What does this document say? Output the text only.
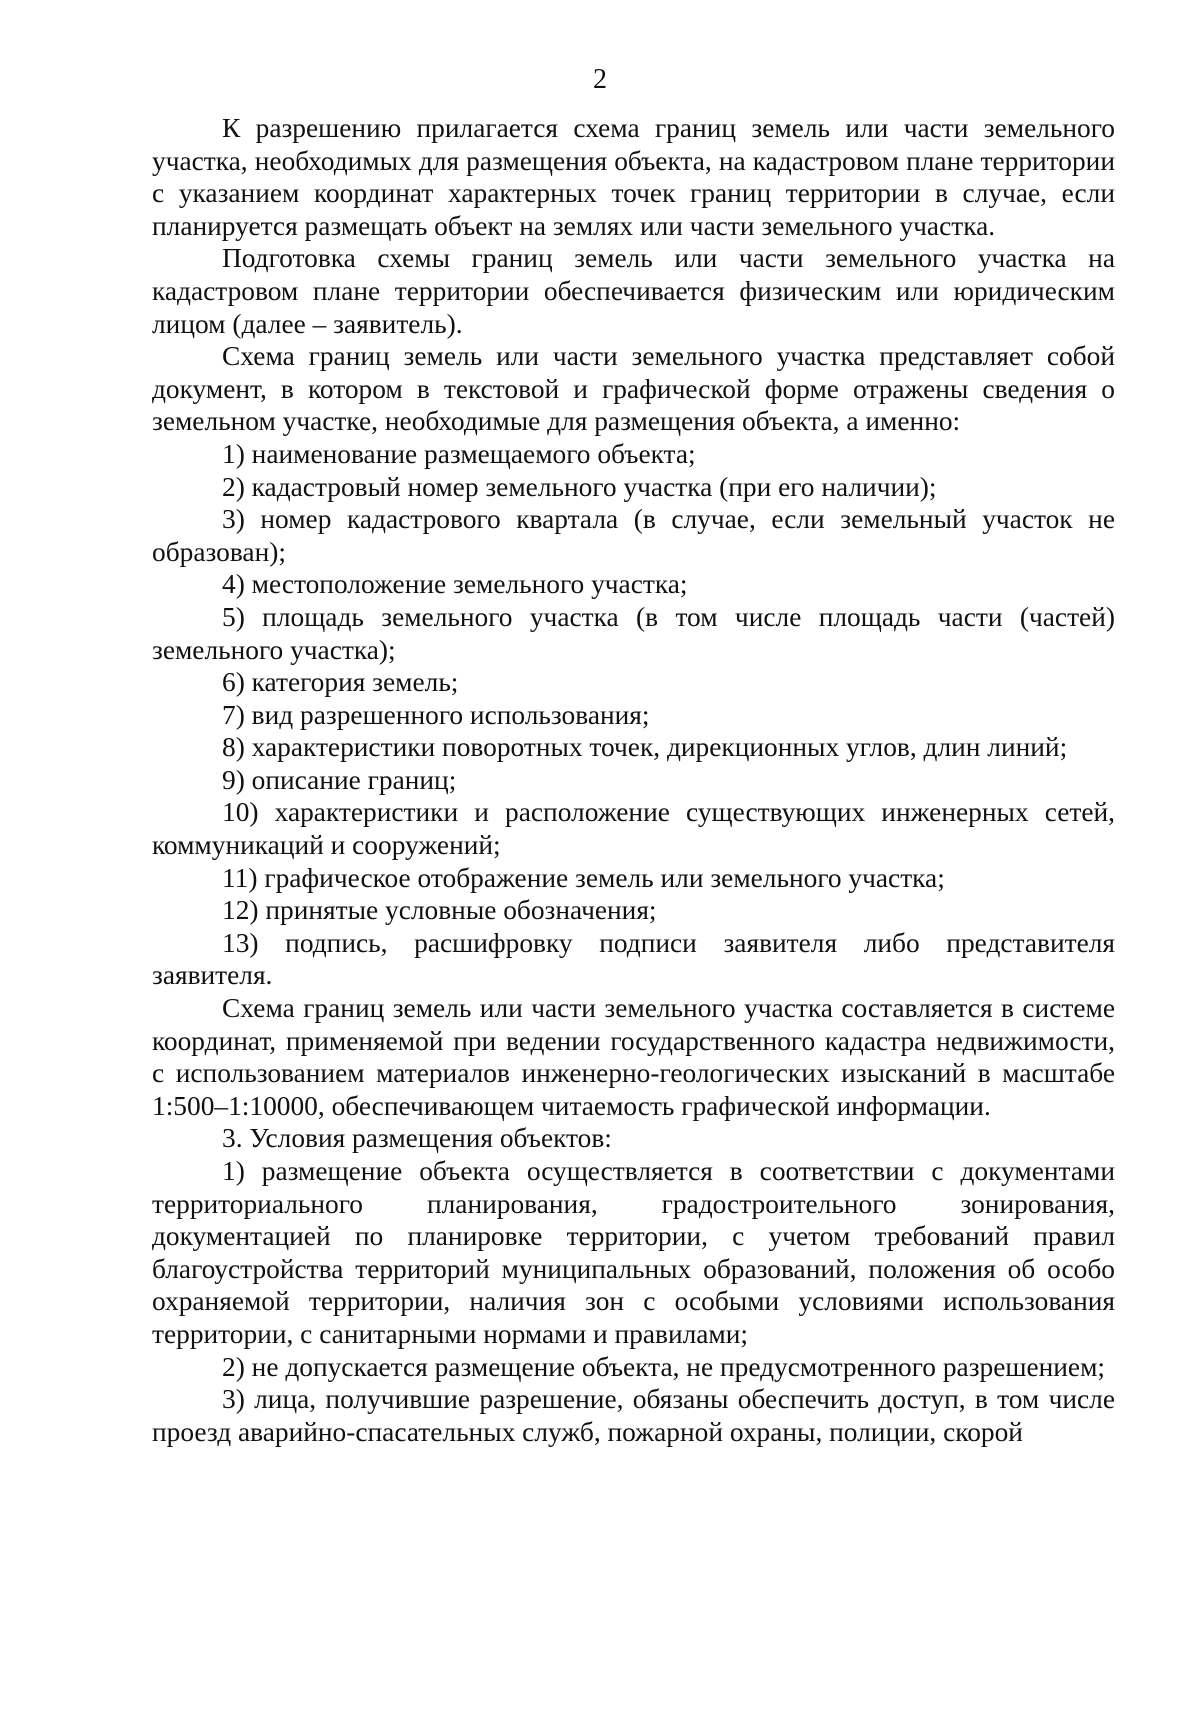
2

К разрешению прилагается схема границ земель или части земельного участка, необходимых для размещения объекта, на кадастровом плане территории с указанием координат характерных точек границ территории в случае, если планируется размещать объект на землях или части земельного участка.

Подготовка схемы границ земель или части земельного участка на кадастровом плане территории обеспечивается физическим или юридическим лицом (далее – заявитель).

Схема границ земель или части земельного участка представляет собой документ, в котором в текстовой и графической форме отражены сведения о земельном участке, необходимые для размещения объекта, а именно:

1) наименование размещаемого объекта;

2) кадастровый номер земельного участка (при его наличии);

3) номер кадастрового квартала (в случае, если земельный участок не образован);

4) местоположение земельного участка;

5) площадь земельного участка (в том числе площадь части (частей) земельного участка);

6) категория земель;

7) вид разрешенного использования;

8) характеристики поворотных точек, дирекционных углов, длин линий;

9) описание границ;

10) характеристики и расположение существующих инженерных сетей, коммуникаций и сооружений;

11) графическое отображение земель или земельного участка;

12) принятые условные обозначения;

13) подпись, расшифровку подписи заявителя либо представителя заявителя.

Схема границ земель или части земельного участка составляется в системе координат, применяемой при ведении государственного кадастра недвижимости, с использованием материалов инженерно-геологических изысканий в масштабе 1:500–1:10000, обеспечивающем читаемость графической информации.

3. Условия размещения объектов:

1) размещение объекта осуществляется в соответствии с документами территориального планирования, градостроительного зонирования, документацией по планировке территории, с учетом требований правил благоустройства территорий муниципальных образований, положения об особо охраняемой территории, наличия зон с особыми условиями использования территории, с санитарными нормами и правилами;

2) не допускается размещение объекта, не предусмотренного разрешением;

3) лица, получившие разрешение, обязаны обеспечить доступ, в том числе проезд аварийно-спасательных служб, пожарной охраны, полиции, скорой
